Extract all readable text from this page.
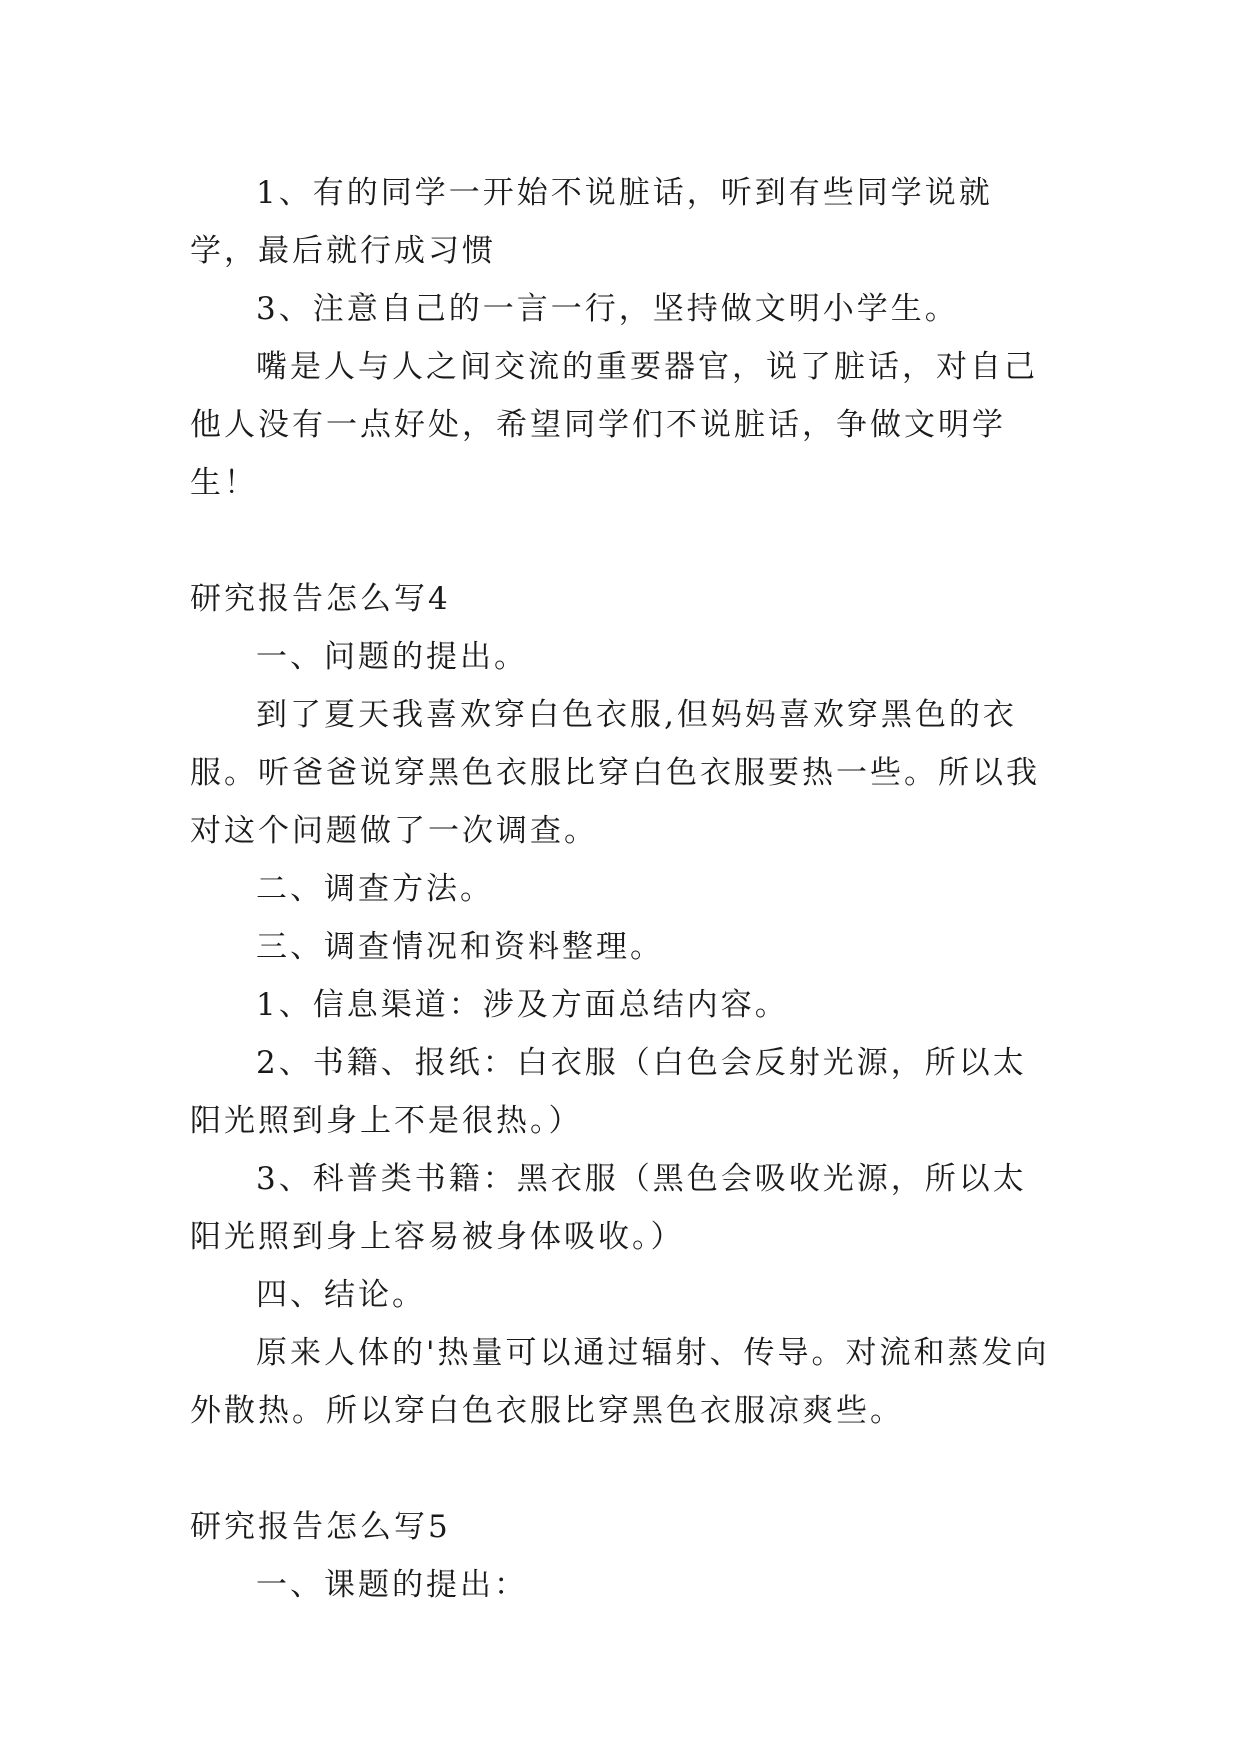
1、有的同学一开始不说脏话，听到有些同学说就学，最后就行成习惯

3、注意自己的一言一行，坚持做文明小学生。

嘴是人与人之间交流的重要器官，说了脏话，对自己他人没有一点好处，希望同学们不说脏话，争做文明学生！

研究报告怎么写4

一、问题的提出。

到了夏天我喜欢穿白色衣服,但妈妈喜欢穿黑色的衣服。听爸爸说穿黑色衣服比穿白色衣服要热一些。所以我对这个问题做了一次调查。

二、调查方法。

三、调查情况和资料整理。

1、信息渠道：涉及方面总结内容。

2、书籍、报纸：白衣服（白色会反射光源，所以太阳光照到身上不是很热。）

3、科普类书籍：黑衣服（黑色会吸收光源，所以太阳光照到身上容易被身体吸收。）

四、结论。

原来人体的'热量可以通过辐射、传导。对流和蒸发向外散热。所以穿白色衣服比穿黑色衣服凉爽些。

研究报告怎么写5

一、课题的提出：
